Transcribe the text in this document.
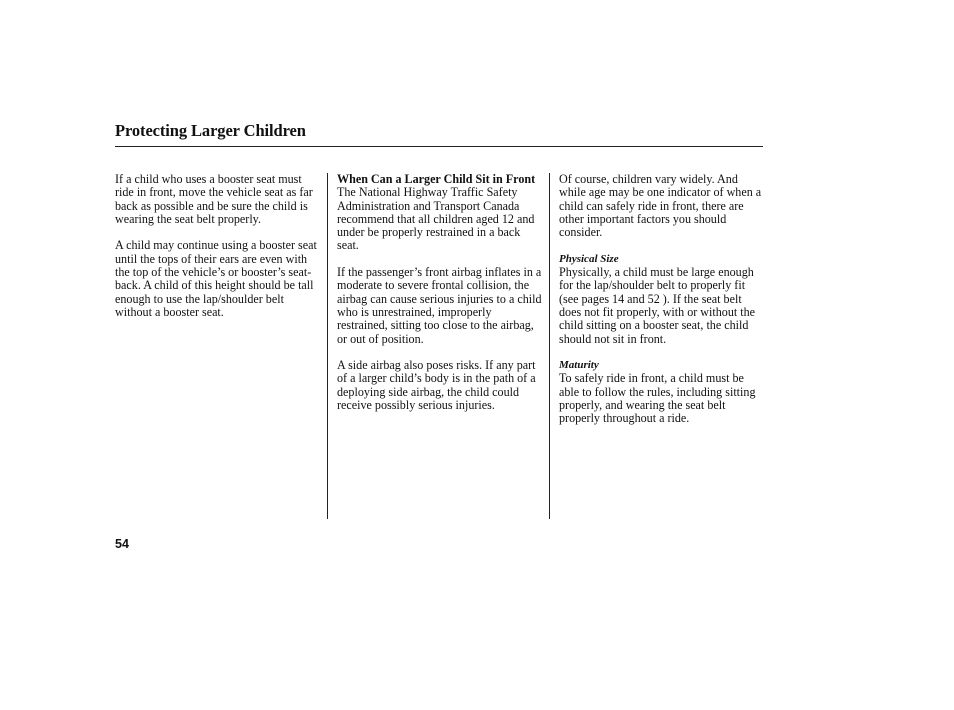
Protecting Larger Children

If a child who uses a booster seat must ride in front, move the vehicle seat as far back as possible and be sure the child is wearing the seat belt properly.

A child may continue using a booster seat until the tops of their ears are even with the top of the vehicle’s or booster’s seat-back. A child of this height should be tall enough to use the lap/shoulder belt without a booster seat.

When Can a Larger Child Sit in Front

The National Highway Traffic Safety Administration and Transport Canada recommend that all children aged 12 and under be properly restrained in a back seat.

If the passenger’s front airbag inflates in a moderate to severe frontal collision, the airbag can cause serious injuries to a child who is unrestrained, improperly restrained, sitting too close to the airbag, or out of position.

A side airbag also poses risks. If any part of a larger child’s body is in the path of a deploying side airbag, the child could receive possibly serious injuries.

Of course, children vary widely. And while age may be one indicator of when a child can safely ride in front, there are other important factors you should consider.

Physical Size

Physically, a child must be large enough for the lap/shoulder belt to properly fit (see pages 14 and 52 ). If the seat belt does not fit properly, with or without the child sitting on a booster seat, the child should not sit in front.

Maturity

To safely ride in front, a child must be able to follow the rules, including sitting properly, and wearing the seat belt properly throughout a ride.

54
